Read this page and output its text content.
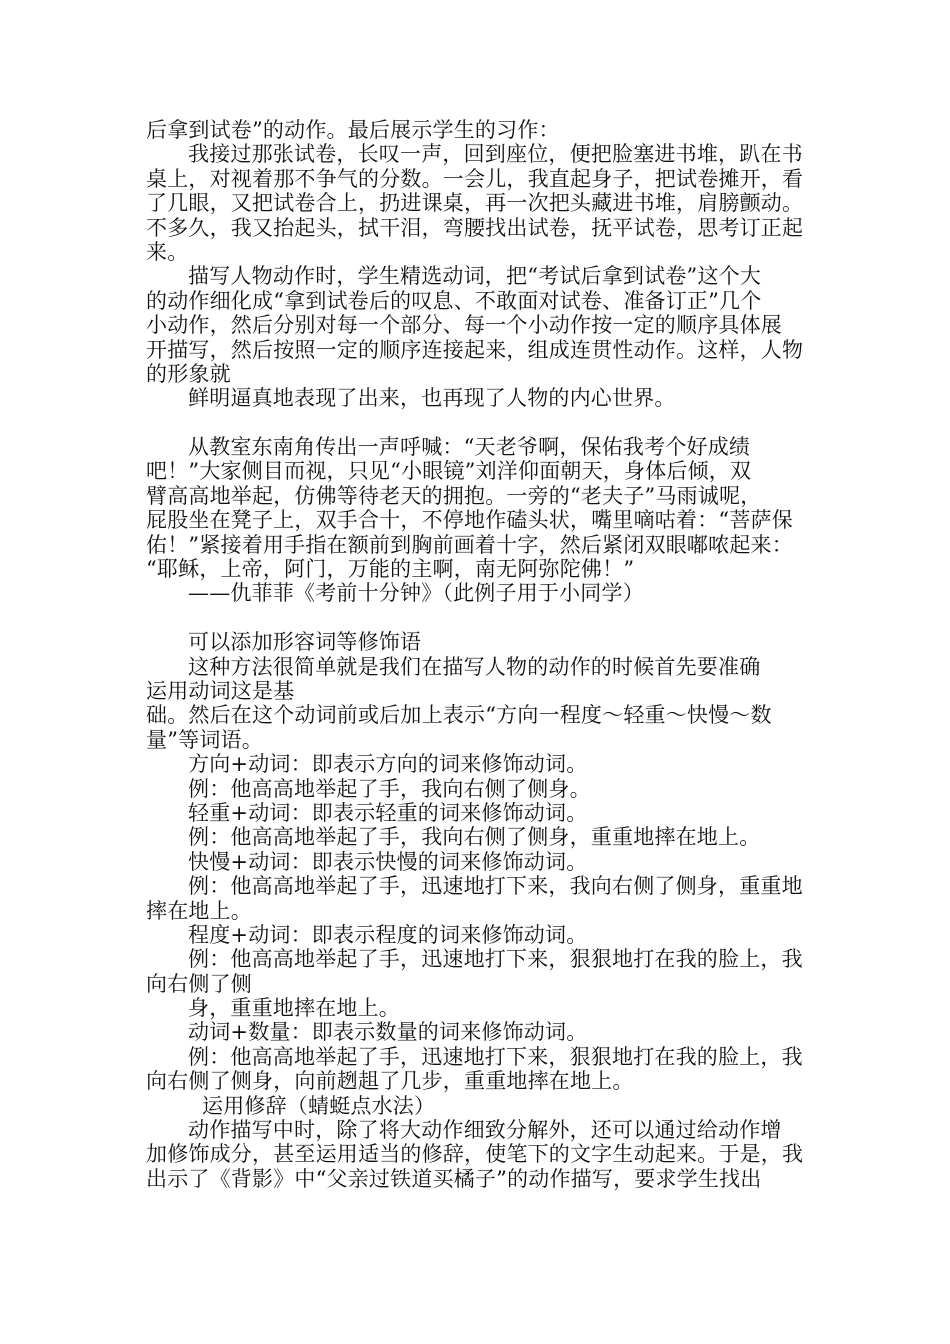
后拿到试卷”的动作。最后展示学生的习作：
我接过那张试卷，长叹一声，回到座位，便把脸塞进书堆，趴在书
桌上，对视着那不争气的分数。一会儿，我直起身子，把试卷摊开，看
了几眼，又把试卷合上，扔进课桌，再一次把头藏进书堆，肩膀颤动。
不多久，我又抬起头，拭干泪，弯腰找出试卷，抚平试卷，思考订正起
来。
描写人物动作时，学生精选动词，把“考试后拿到试卷”这个大
的动作细化成“拿到试卷后的叹息、不敢面对试卷、准备订正”几个
小动作，然后分别对每一个部分、每一个小动作按一定的顺序具体展
开描写，然后按照一定的顺序连接起来，组成连贯性动作。这样，人物
的形象就
鲜明逼真地表现了出来，也再现了人物的内心世界。
从教室东南角传出一声呼喊：“天老爷啊，保佑我考个好成绩
吧！”大家侧目而视，只见“小眼镜”刘洋仰面朝天，身体后倾，双
臂高高地举起，仿佛等待老天的拥抱。一旁的“老夫子”马雨诚呢，
屁股坐在凳子上，双手合十，不停地作磕头状，嘴里嘀咕着：“菩萨保
佑！”紧接着用手指在额前到胸前画着十字，然后紧闭双眼嘟哝起来：
“耶稣，上帝，阿门，万能的主啊，南无阿弥陀佛！”
——仇菲菲《考前十分钟》（此例子用于小同学）
可以添加形容词等修饰语
这种方法很简单就是我们在描写人物的动作的时候首先要准确
运用动词这是基
础。然后在这个动词前或后加上表示“方向一程度～轻重～快慢～数
量”等词语。
方向+动词：即表示方向的词来修饰动词。
例：他高高地举起了手，我向右侧了侧身。
轻重+动词：即表示轻重的词来修饰动词。
例：他高高地举起了手，我向右侧了侧身，重重地摔在地上。
快慢+动词：即表示快慢的词来修饰动词。
例：他高高地举起了手，迅速地打下来，我向右侧了侧身，重重地
摔在地上。
程度+动词：即表示程度的词来修饰动词。
例：他高高地举起了手，迅速地打下来，狠狠地打在我的脸上，我
向右侧了侧
身，重重地摔在地上。
动词+数量：即表示数量的词来修饰动词。
例：他高高地举起了手，迅速地打下来，狠狠地打在我的脸上，我
向右侧了侧身，向前趔趄了几步，重重地摔在地上。
运用修辞（蜻蜓点水法）
动作描写中时，除了将大动作细致分解外，还可以通过给动作增
加修饰成分，甚至运用适当的修辞，使笔下的文字生动起来。于是，我
出示了《背影》中“父亲过铁道买橘子”的动作描写，要求学生找出
